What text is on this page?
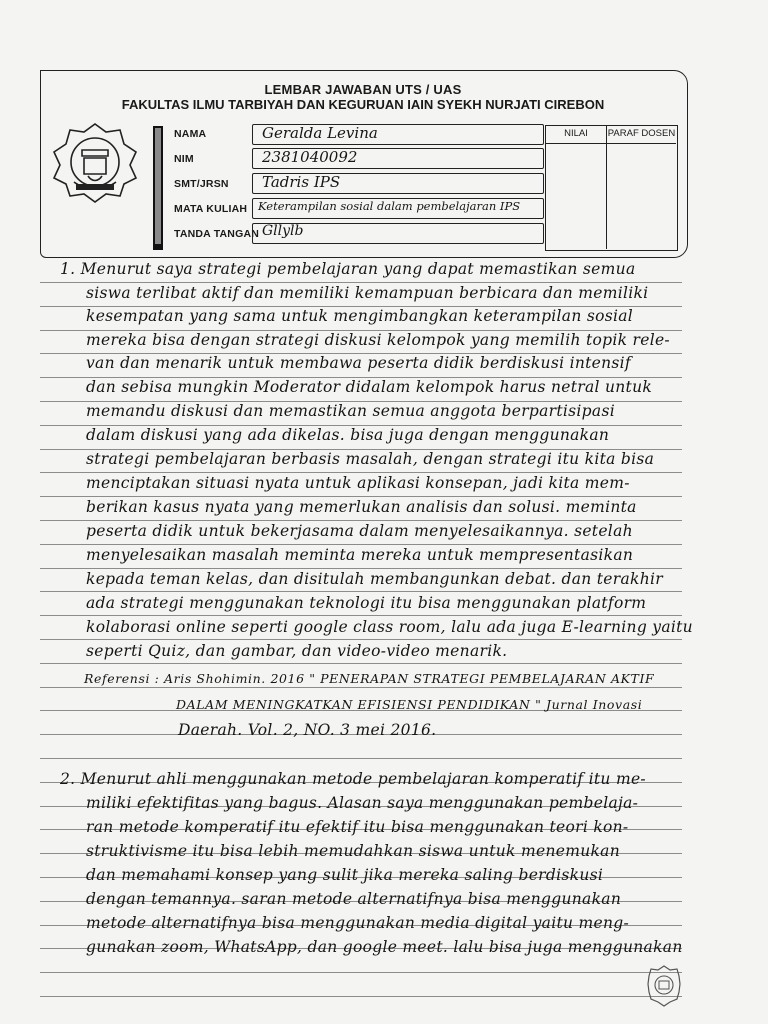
· · · · · · · ·
LEMBAR JAWABAN UTS / UAS
FAKULTAS ILMU TARBIYAH DAN KEGURUAN IAIN SYEKH NURJATI CIREBON
NAMA	Geralda Levina
NIM	2381040092
SMT/JRSN Tadris IPS
MATA KULIAH Keterampilan sosial dalam pembelajaran IPS
TANDA TANGAN Gllylb
NILAI	PARAF DOSEN
1. Menurut saya strategi pembelajaran yang dapat memastikan semua
siswa terlibat aktif dan memiliki kemampuan berbicara dan memiliki
kesempatan yang sama untuk mengimbangkan keterampilan sosial
mereka bisa dengan strategi diskusi kelompok yang memilih topik rele-
van dan menarik untuk membawa peserta didik berdiskusi intensif
dan sebisa mungkin Moderator didalam kelompok harus netral untuk
memandu diskusi dan memastikan semua anggota berpartisipasi
dalam diskusi yang ada dikelas. bisa juga dengan menggunakan
strategi pembelajaran berbasis masalah, dengan strategi itu kita bisa
menciptakan situasi nyata untuk aplikasi konsepan, jadi kita mem-
berikan kasus nyata yang memerlukan analisis dan solusi. meminta
peserta didik untuk bekerjasama dalam menyelesaikannya. setelah
menyelesaikan masalah meminta mereka untuk mempresentasikan
kepada teman kelas, dan disitulah membangunkan debat. dan terakhir
ada strategi menggunakan teknologi itu bisa menggunakan platform
kolaborasi online seperti google class room, lalu ada juga E-learning yaitu
seperti Quiz, dan gambar, dan video-video menarik.
Referensi : Aris Shohimin. 2016 " PENERAPAN STRATEGI PEMBELAJARAN AKTIF
DALAM MENINGKATKAN EFISIENSI PENDIDIKAN " Jurnal Inovasi
Daerah. Vol. 2, NO. 3 mei 2016.
2. Menurut ahli menggunakan metode pembelajaran komperatif itu me-
miliki efektifitas yang bagus. Alasan saya menggunakan pembelaja-
ran metode komperatif itu efektif itu bisa menggunakan teori kon-
struktivisme itu bisa lebih memudahkan siswa untuk menemukan
dan memahami konsep yang sulit jika mereka saling berdiskusi
dengan temannya. saran metode alternatifnya bisa menggunakan
metode alternatifnya bisa menggunakan media digital yaitu meng-
gunakan zoom, WhatsApp, dan google meet. lalu bisa juga menggunakan
